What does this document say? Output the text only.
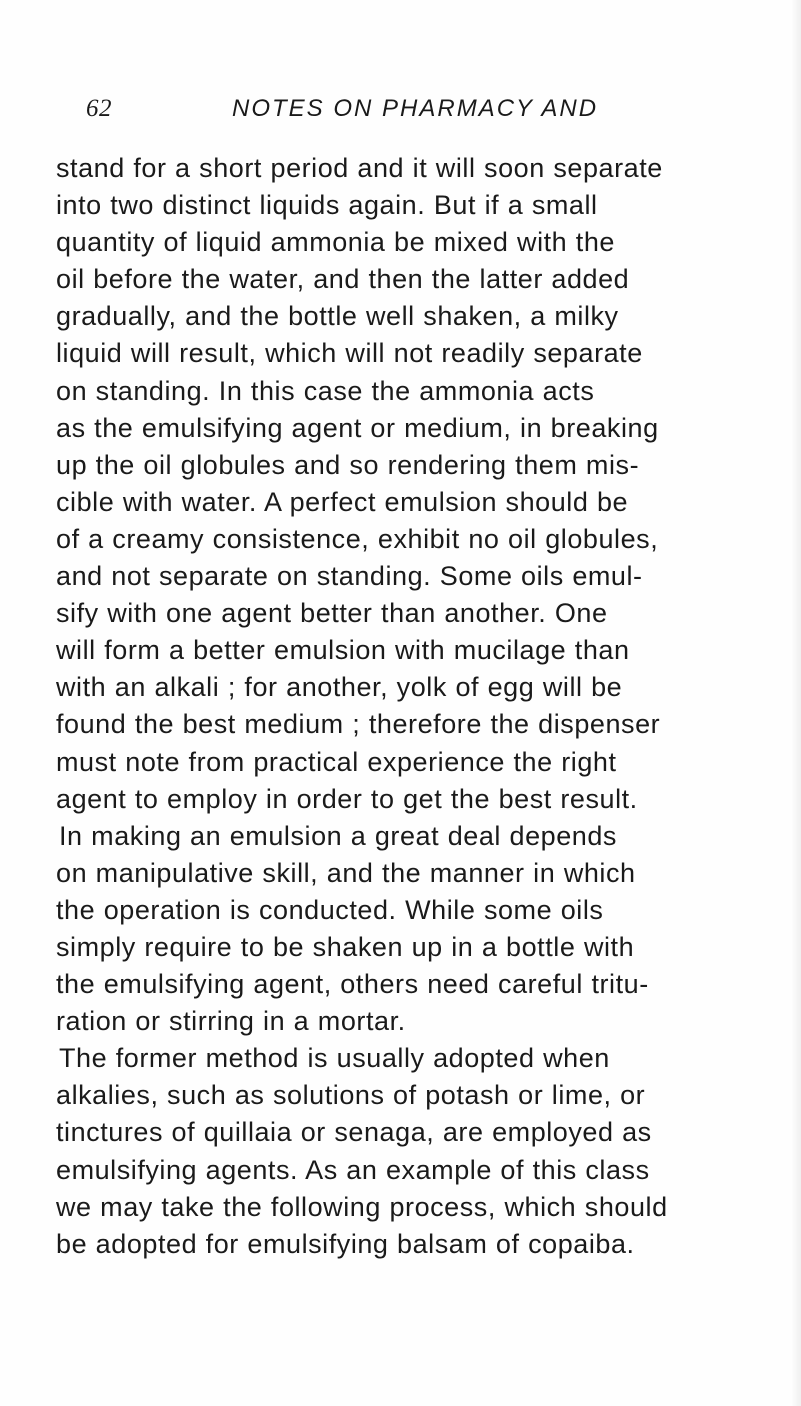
62	NOTES ON PHARMACY AND
stand for a short period and it will soon separate
into two distinct liquids again. But if a small
quantity of liquid ammonia be mixed with the
oil before the water, and then the latter added
gradually, and the bottle well shaken, a milky
liquid will result, which will not readily separate
on standing. In this case the ammonia acts
as the emulsifying agent or medium, in breaking
up the oil globules and so rendering them mis-
cible with water. A perfect emulsion should be
of a creamy consistence, exhibit no oil globules,
and not separate on standing. Some oils emul-
sify with one agent better than another. One
will form a better emulsion with mucilage than
with an alkali ; for another, yolk of egg will be
found the best medium ; therefore the dispenser
must note from practical experience the right
agent to employ in order to get the best result.
In making an emulsion a great deal depends
on manipulative skill, and the manner in which
the operation is conducted. While some oils
simply require to be shaken up in a bottle with
the emulsifying agent, others need careful tritu-
ration or stirring in a mortar.
The former method is usually adopted when
alkalies, such as solutions of potash or lime, or
tinctures of quillaia or senaga, are employed as
emulsifying agents. As an example of this class
we may take the following process, which should
be adopted for emulsifying balsam of copaiba.
